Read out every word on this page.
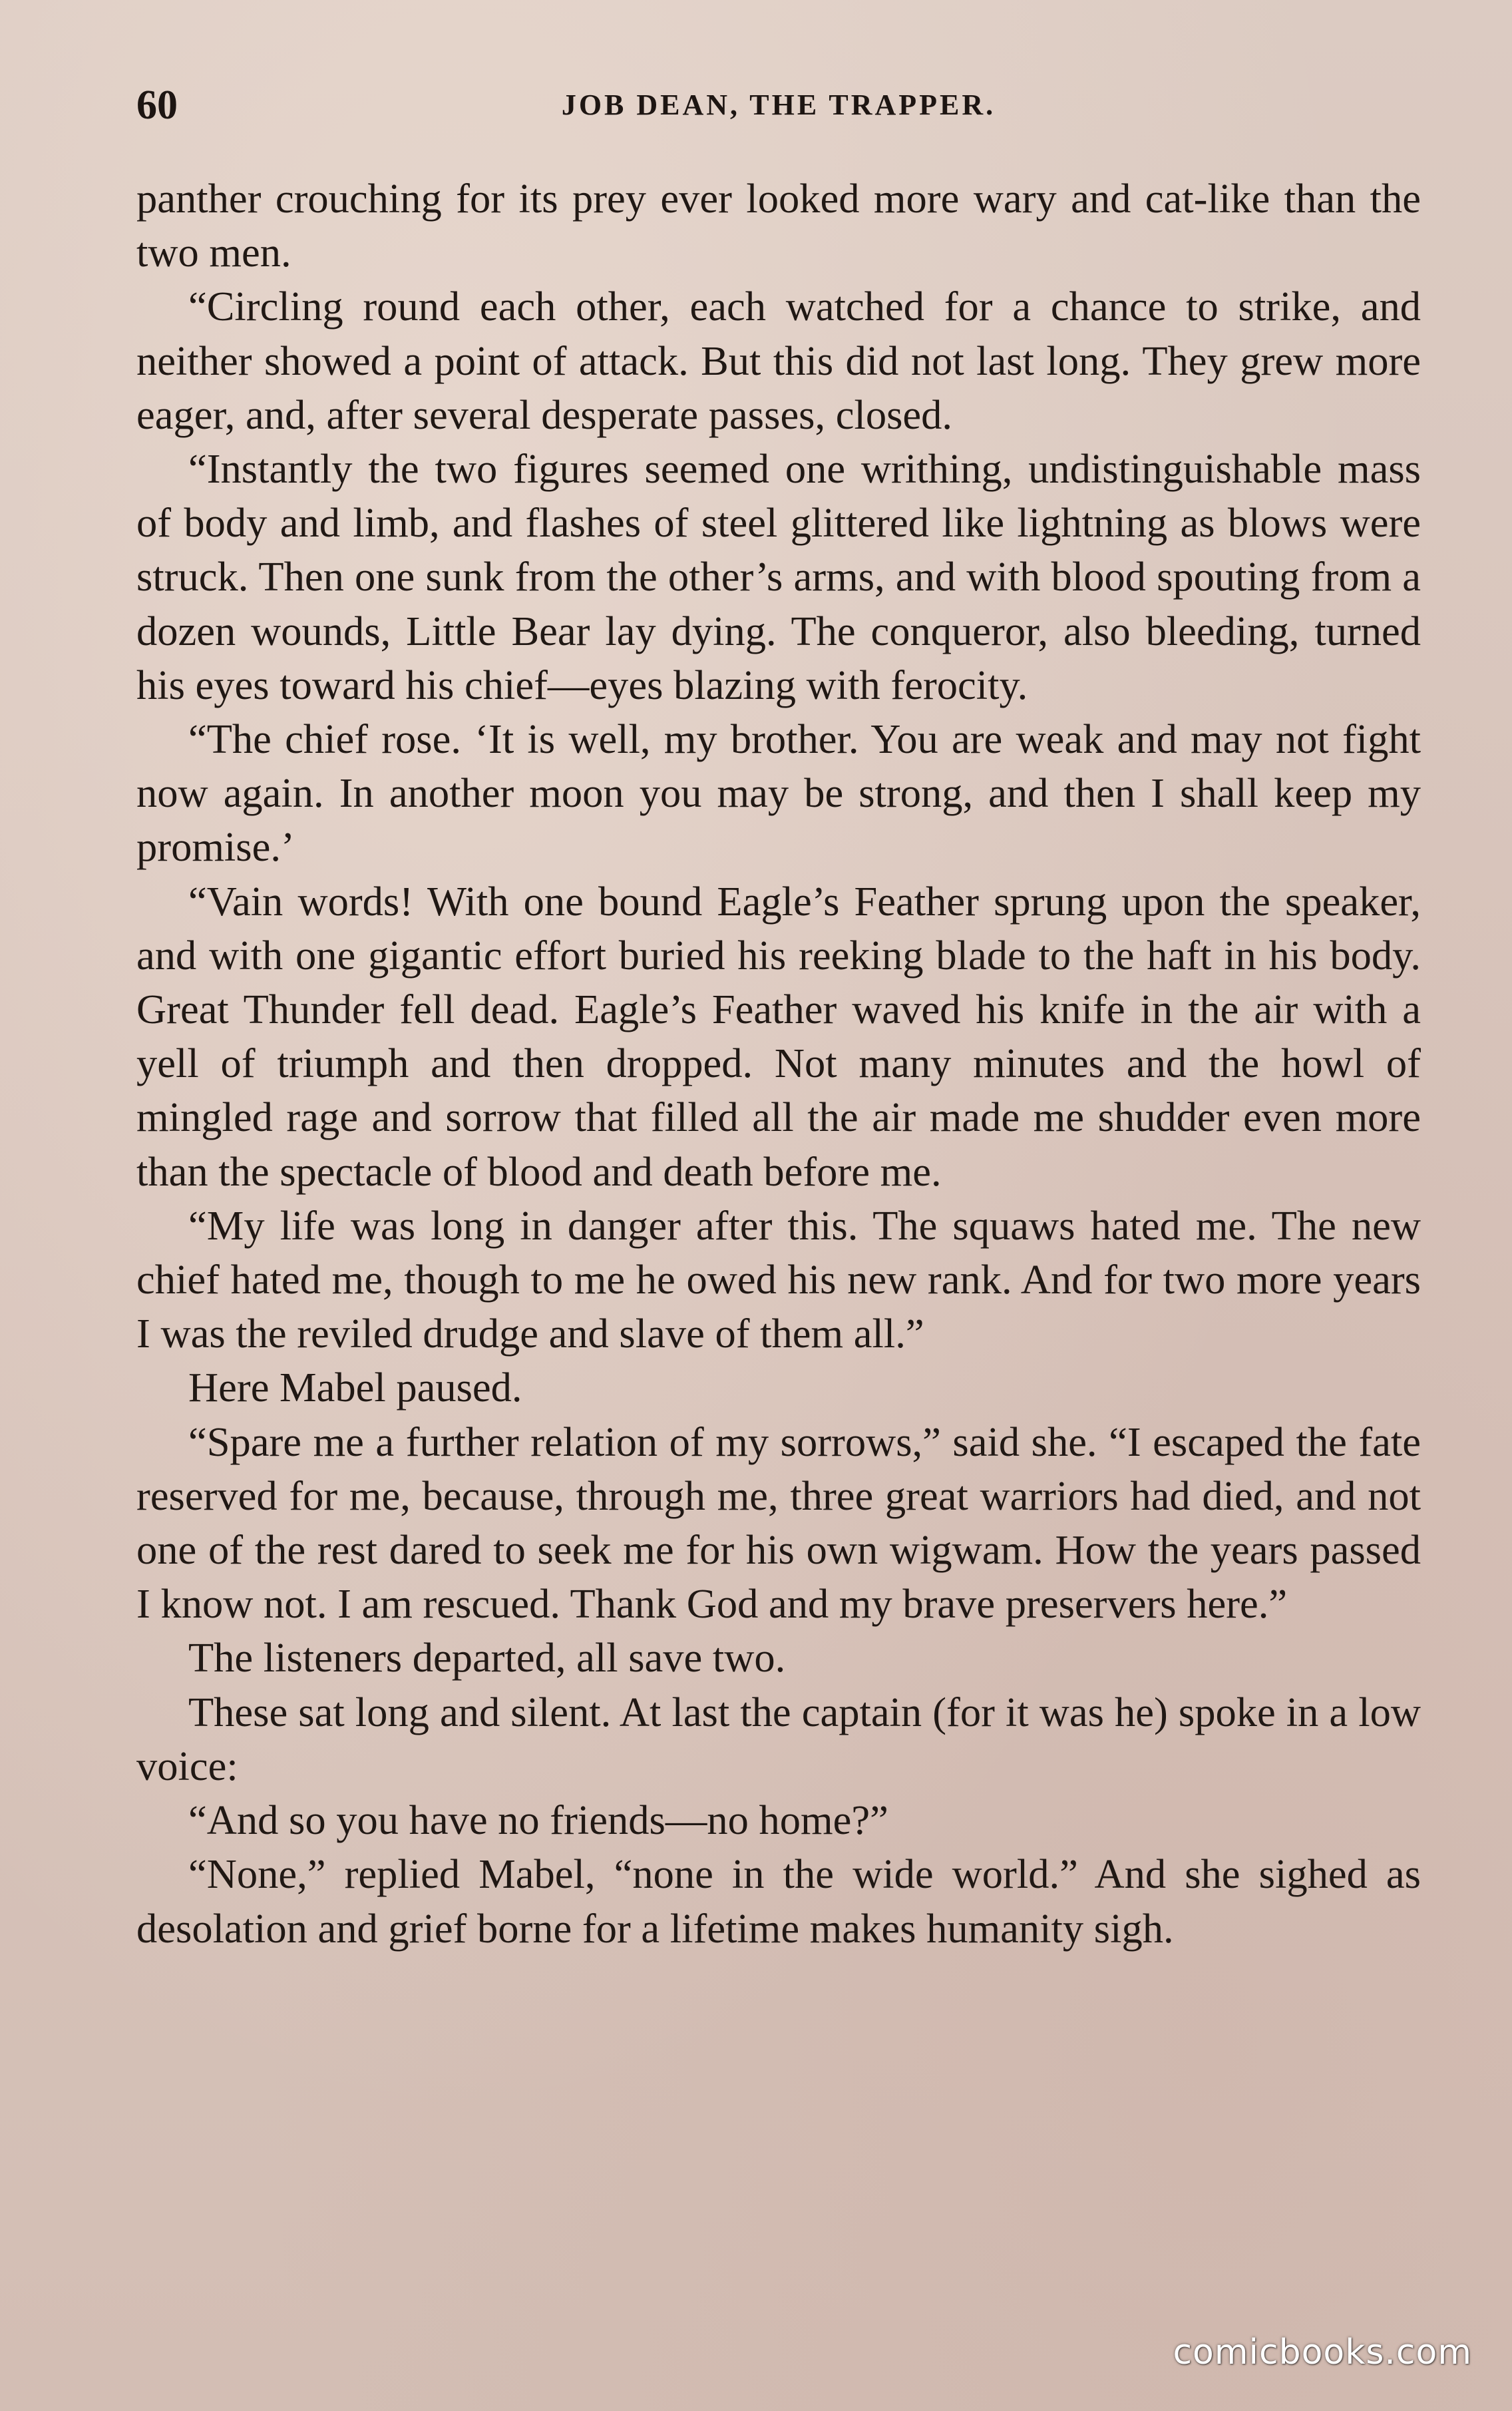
60	JOB DEAN, THE TRAPPER.

panther crouching for its prey ever looked more wary and cat-like than the two men.

“Circling round each other, each watched for a chance to strike, and neither showed a point of attack. But this did not last long. They grew more eager, and, after several desperate passes, closed.

“Instantly the two figures seemed one writhing, undistinguishable mass of body and limb, and flashes of steel glittered like lightning as blows were struck. Then one sunk from the other’s arms, and with blood spouting from a dozen wounds, Little Bear lay dying. The conqueror, also bleeding, turned his eyes toward his chief—eyes blazing with ferocity.

“The chief rose. ‘It is well, my brother. You are weak and may not fight now again. In another moon you may be strong, and then I shall keep my promise.’

“Vain words! With one bound Eagle’s Feather sprung upon the speaker, and with one gigantic effort buried his reeking blade to the haft in his body. Great Thunder fell dead. Eagle’s Feather waved his knife in the air with a yell of triumph and then dropped. Not many minutes and the howl of mingled rage and sorrow that filled all the air made me shudder even more than the spectacle of blood and death before me.

“My life was long in danger after this. The squaws hated me. The new chief hated me, though to me he owed his new rank. And for two more years I was the reviled drudge and slave of them all.”

Here Mabel paused.

“Spare me a further relation of my sorrows,” said she. “I escaped the fate reserved for me, because, through me, three great warriors had died, and not one of the rest dared to seek me for his own wigwam. How the years passed I know not. I am rescued. Thank God and my brave preservers here.”

The listeners departed, all save two.

These sat long and silent. At last the captain (for it was he) spoke in a low voice:

“And so you have no friends—no home?”

“None,” replied Mabel, “none in the wide world.” And she sighed as desolation and grief borne for a lifetime makes humanity sigh.

comicbooks.com
